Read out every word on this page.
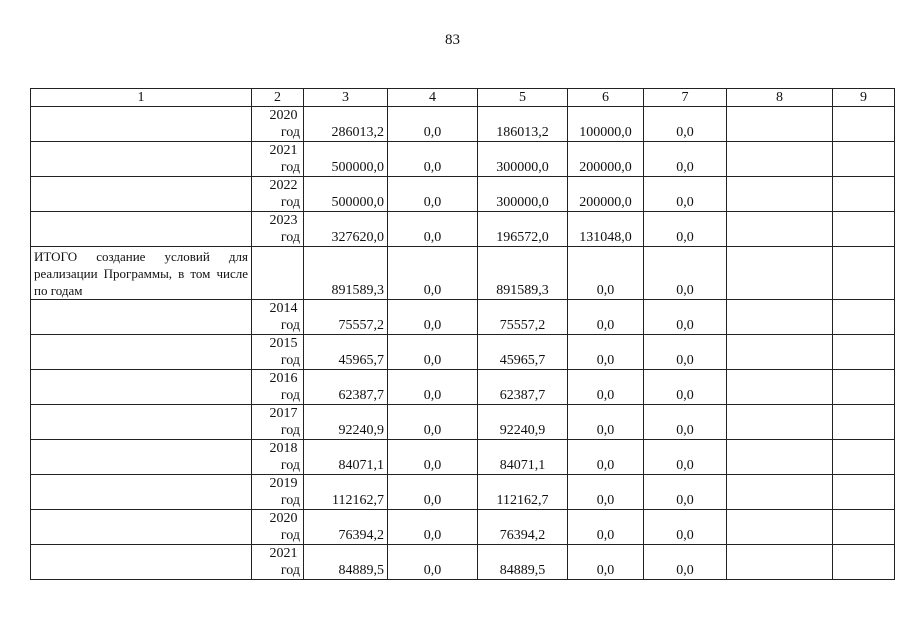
83
1	2	3	4	5	6	7	8	9

	2020
год	286013,2	0,0	186013,2	100000,0	0,0		

	2021
год	500000,0	0,0	300000,0	200000,0	0,0		

	2022
год	500000,0	0,0	300000,0	200000,0	0,0		

	2023
год	327620,0	0,0	196572,0	131048,0	0,0		

ИТОГО создание условий для реализации Программы, в том числе по годам		891589,3	0,0	891589,3	0,0	0,0		

	2014
год	75557,2	0,0	75557,2	0,0	0,0		

	2015
год	45965,7	0,0	45965,7	0,0	0,0		

	2016
год	62387,7	0,0	62387,7	0,0	0,0		

	2017
год	92240,9	0,0	92240,9	0,0	0,0		

	2018
год	84071,1	0,0	84071,1	0,0	0,0		

	2019
год	112162,7	0,0	112162,7	0,0	0,0		

	2020
год	76394,2	0,0	76394,2	0,0	0,0		

	2021
год	84889,5	0,0	84889,5	0,0	0,0		
